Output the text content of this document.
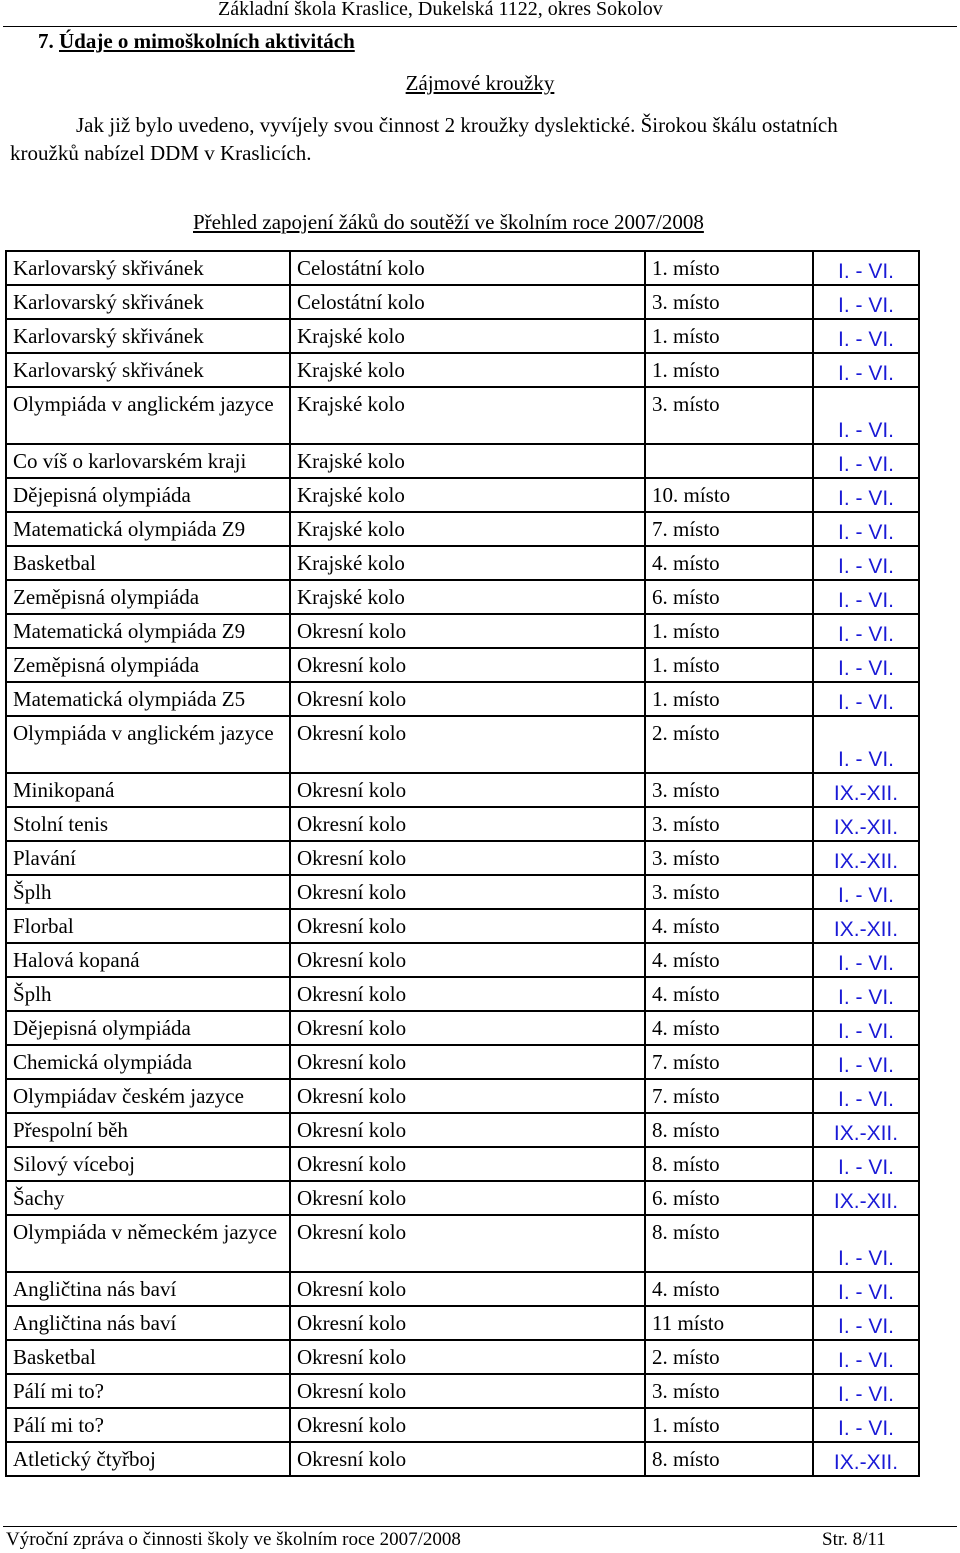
Základní škola Kraslice, Dukelská 1122, okres Sokolov
7. Údaje o mimoškolních aktivitách
Zájmové kroužky
Jak již bylo uvedeno, vyvíjely svou činnost 2 kroužky dyslektické. Širokou škálu ostatních
kroužků nabízel DDM v Kraslicích.
Přehled zapojení žáků do soutěží ve školním roce 2007/2008
Karlovarský skřivánek	Celostátní kolo	1. místo	I. - VI.
Karlovarský skřivánek	Celostátní kolo	3. místo	I. - VI.
Karlovarský skřivánek	Krajské kolo	1. místo	I. - VI.
Karlovarský skřivánek	Krajské kolo	1. místo	I. - VI.
Olympiáda v anglickém jazyce	Krajské kolo	3. místo	I. - VI.
Co víš o karlovarském kraji	Krajské kolo		I. - VI.
Dějepisná olympiáda	Krajské kolo	10. místo	I. - VI.
Matematická olympiáda Z9	Krajské kolo	7. místo	I. - VI.
Basketbal	Krajské kolo	4. místo	I. - VI.
Zeměpisná olympiáda	Krajské kolo	6. místo	I. - VI.
Matematická olympiáda Z9	Okresní kolo	1. místo	I. - VI.
Zeměpisná olympiáda	Okresní kolo	1. místo	I. - VI.
Matematická olympiáda Z5	Okresní kolo	1. místo	I. - VI.
Olympiáda v anglickém jazyce	Okresní kolo	2. místo	I. - VI.
Minikopaná	Okresní kolo	3. místo	IX.-XII.
Stolní tenis	Okresní kolo	3. místo	IX.-XII.
Plavání	Okresní kolo	3. místo	IX.-XII.
Šplh	Okresní kolo	3. místo	I. - VI.
Florbal	Okresní kolo	4. místo	IX.-XII.
Halová kopaná	Okresní kolo	4. místo	I. - VI.
Šplh	Okresní kolo	4. místo	I. - VI.
Dějepisná olympiáda	Okresní kolo	4. místo	I. - VI.
Chemická olympiáda	Okresní kolo	7. místo	I. - VI.
Olympiádav českém jazyce	Okresní kolo	7. místo	I. - VI.
Přespolní běh	Okresní kolo	8. místo	IX.-XII.
Silový víceboj	Okresní kolo	8. místo	I. - VI.
Šachy	Okresní kolo	6. místo	IX.-XII.
Olympiáda v německém jazyce	Okresní kolo	8. místo	I. - VI.
Angličtina nás baví	Okresní kolo	4. místo	I. - VI.
Angličtina nás baví	Okresní kolo	11 místo	I. - VI.
Basketbal	Okresní kolo	2. místo	I. - VI.
Pálí mi to?	Okresní kolo	3. místo	I. - VI.
Pálí mi to?	Okresní kolo	1. místo	I. - VI.
Atletický čtyřboj	Okresní kolo	8. místo	IX.-XII.
Výroční zpráva o činnosti školy ve školním roce 2007/2008	Str. 8/11
